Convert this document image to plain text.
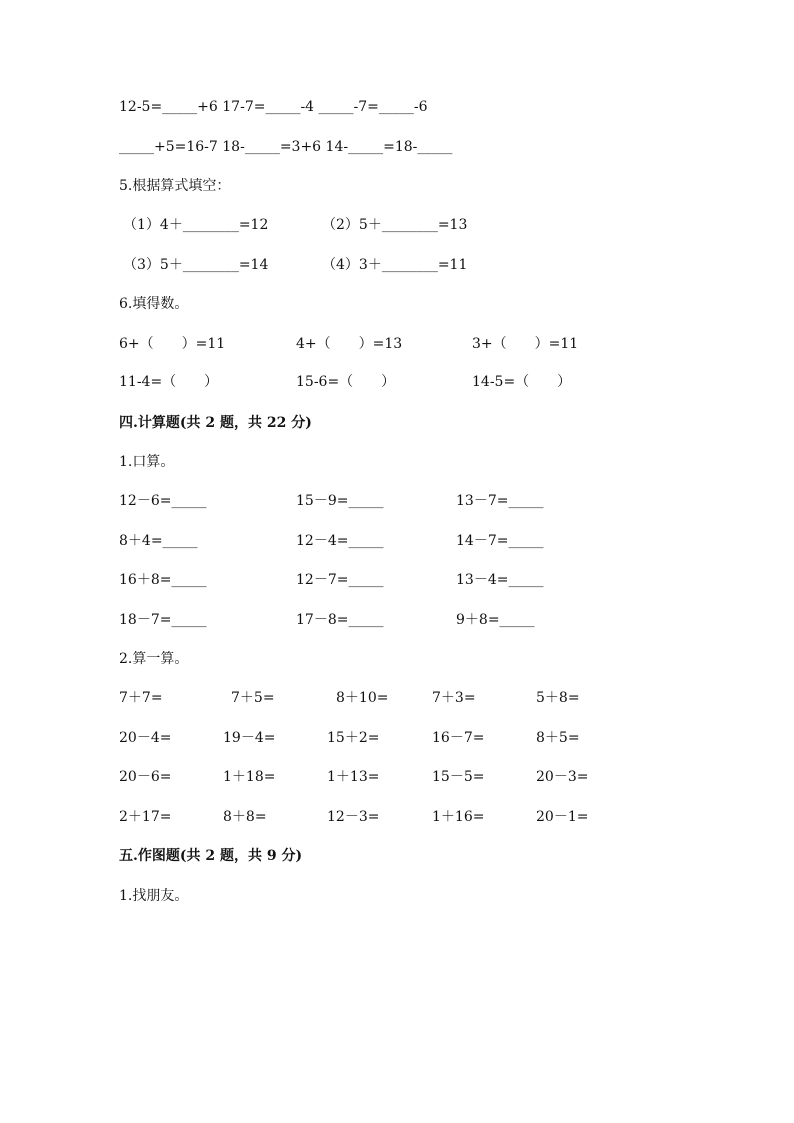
12-5=_____+6 17-7=_____-4 _____-7=_____-6
_____+5=16-7 18-_____=3+6 14-_____=18-_____
5.根据算式填空：
（1）4＋________=12	（2）5＋________=13
（3）5＋________=14	（4）3＋________=11
6.填得数。
6+（　　）=11	4+（　　）=13	3+（　　）=11
11-4=（　　）	15-6=（　　）	14-5=（　　）
四.计算题(共 2 题，共 22 分)
1.口算。
12－6=_____	15－9=_____	13－7=_____
8＋4=_____	12－4=_____	14－7=_____
16＋8=_____	12－7=_____	13－4=_____
18－7=_____	17－8=_____	9＋8=_____
2.算一算。
7＋7=	7＋5=	8＋10=	7＋3=	5＋8=
20－4=	19－4=	15＋2=	16－7=	8＋5=
20－6=	1＋18=	1＋13=	15－5=	20－3=
2＋17=	8＋8=	12－3=	1＋16=	20－1=
五.作图题(共 2 题，共 9 分)
1.找朋友。
